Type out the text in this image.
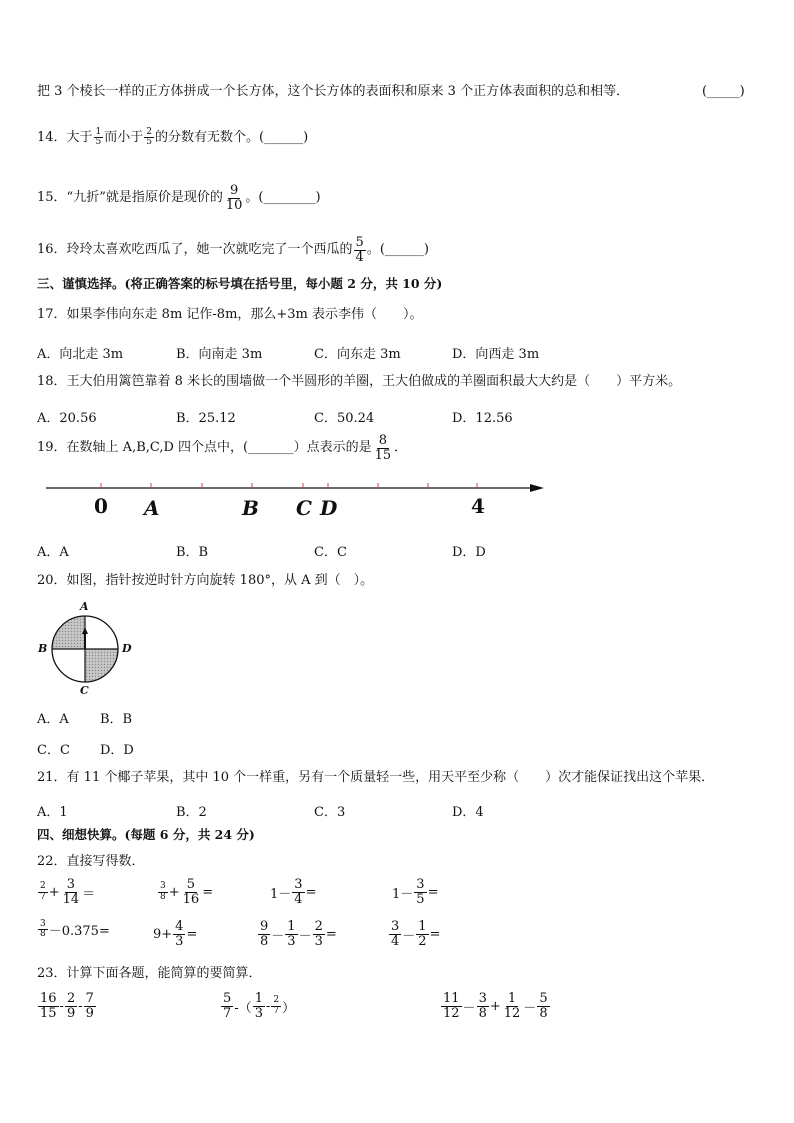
把 3 个棱长一样的正方体拼成一个长方体，这个长方体的表面积和原来 3 个正方体表面积的总和相等．	(_____)
14．大于 $\frac{1}{5}$ 而小于 $\frac{2}{5}$ 的分数有无数个。(______)
15．“九折”就是指原价是现价的 $\frac{9}{10}$ 。(________)
16．玲玲太喜欢吃西瓜了，她一次就吃完了一个西瓜的 $\frac{5}{4}$ 。(______)
三、谨慎选择。(将正确答案的标号填在括号里，每小题 2 分，共 10 分)
17．如果李伟向东走 8m 记作-8m，那么+3m 表示李伟（　　）。
A．向北走 3m	B．向南走 3m	C．向东走 3m	D．向西走 3m
18．王大伯用篱笆靠着 8 米长的围墙做一个半圆形的羊圈，王大伯做成的羊圈面积最大大约是（　　）平方米。
A．20.56	B．25.12	C．50.24	D．12.56
19．在数轴上 A,B,C,D 四个点中，(_______）点表示的是 $\frac{8}{15}$ ．
0 A	B C D	4
A．A	B．B	C．C	D．D
20．如图，指针按逆时针方向旋转 180°，从 A 到（　）。
A
B
C
D
A．A B．B
C．C D．D
21．有 11 个椰子苹果，其中 10 个一样重，另有一个质量轻一些，用天平至少称（　　）次才能保证找出这个苹果．
A．1	B．2	C．3	D．4
四、细想快算。(每题 6 分，共 24 分)
22．直接写得数．
$\frac{2}{7} + \frac{3}{14}$ ＝	$\frac{3}{8} + \frac{5}{16}$ =	$1- \frac{3}{4}$ =	$1- \frac{3}{5}$ =
$\frac{3}{8} -0.375=$	$9+ \frac{4}{3}$ =	$\frac{9}{8} - \frac{1}{3} - \frac{2}{3}$ =	$\frac{3}{4} - \frac{1}{2}$ =
23．计算下面各题，能简算的要简算．
$\frac{16}{15} - \frac{2}{9} - \frac{7}{9}$	$\frac{5}{7}$ -（ $\frac{1}{3} - \frac{2}{7}$ ）	$\frac{11}{12} - \frac{3}{8} + \frac{1}{12} - \frac{5}{8}$
